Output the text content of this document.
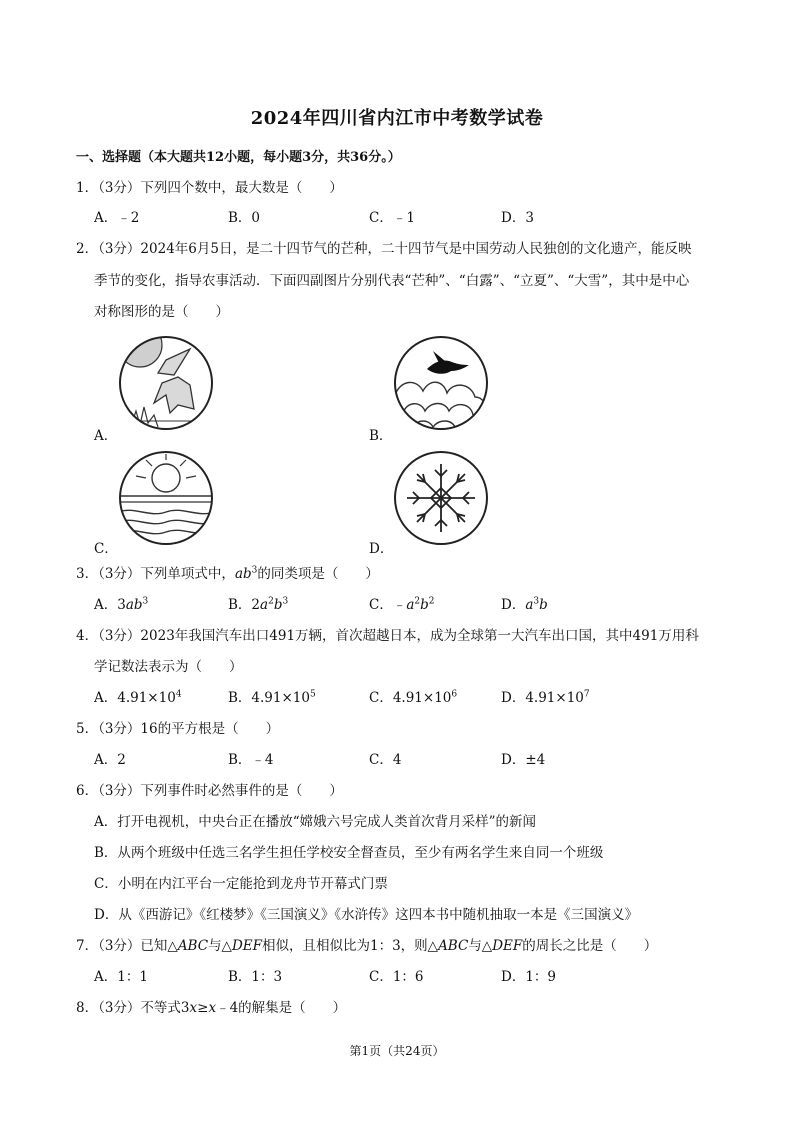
2024年四川省内江市中考数学试卷
一、选择题（本大题共12小题，每小题3分，共36分。）
1．（3分）下列四个数中，最大数是（　　）
A．﹣2	B．0	C．﹣1	D．3
2．（3分）2024年6月5日，是二十四节气的芒种，二十四节气是中国劳动人民独创的文化遗产，能反映
季节的变化，指导农事活动．下面四副图片分别代表“芒种”、“白露”、“立夏”、“大雪”，其中是中心
对称图形的是（　　）
A．	B．
C．	D．
3．（3分）下列单项式中，$ab^3$的同类项是（　　）
A．$3ab^3$	B．$2a^2b^3$	C．$﹣a^2b^2$	D．$a^3b$
4．（3分）2023年我国汽车出口491万辆，首次超越日本，成为全球第一大汽车出口国，其中491万用科
学记数法表示为（　　）
A．$4.91\times 10^4$	B．$4.91\times 10^5$	C．$4.91\times 10^6$	D．$4.91\times 10^7$
5．（3分）16的平方根是（　　）
A．2	B．﹣4	C．4	D．±4
6．（3分）下列事件时必然事件的是（　　）
A．打开电视机，中央台正在播放“嫦娥六号完成人类首次背月采样”的新闻
B．从两个班级中任选三名学生担任学校安全督查员，至少有两名学生来自同一个班级
C．小明在内江平台一定能抢到龙舟节开幕式门票
D．从《西游记》《红楼梦》《三国演义》《水浒传》这四本书中随机抽取一本是《三国演义》
7．（3分）已知△ABC与△DEF相似，且相似比为1：3，则△ABC与△DEF的周长之比是（　　）
A．1：1	B．1：3	C．1：6	D．1：9
8．（3分）不等式3x≥x﹣4的解集是（　　）
第1页（共24页）
